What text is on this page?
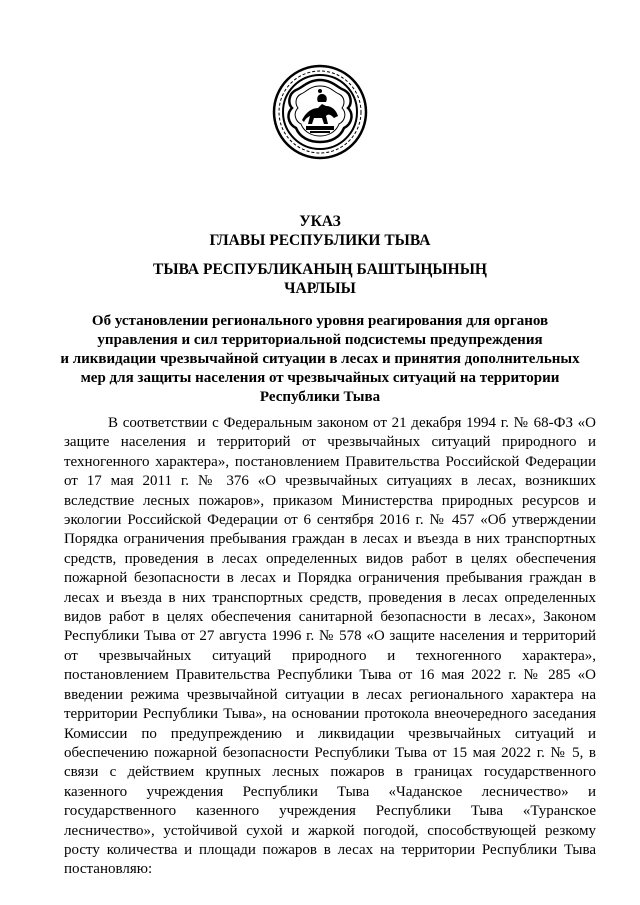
УКАЗ
ГЛАВЫ РЕСПУБЛИКИ ТЫВА
ТЫВА РЕСПУБЛИКАНЫҢ БАШТЫҢЫНЫҢ
ЧАРЛЫЫ
Об установлении регионального уровня реагирования для органов
управления и сил территориальной подсистемы предупреждения
и ликвидации чрезвычайной ситуации в лесах и принятия дополнительных
мер для защиты населения от чрезвычайных ситуаций на территории
Республики Тыва

В соответствии с Федеральным законом от 21 декабря 1994 г. № 68-ФЗ «О защите населения и территорий от чрезвычайных ситуаций природного и техногенного характера», постановлением Правительства Российской Федерации от 17 мая 2011 г. № 376 «О чрезвычайных ситуациях в лесах, возникших вследствие лесных пожаров», приказом Министерства природных ресурсов и экологии Российской Федерации от 6 сентября 2016 г. № 457 «Об утверждении Порядка ограничения пребывания граждан в лесах и въезда в них транспортных средств, проведения в лесах определенных видов работ в целях обеспечения пожарной безопасности в лесах и Порядка ограничения пребывания граждан в лесах и въезда в них транспортных средств, проведения в лесах определенных видов работ в целях обеспечения санитарной безопасности в лесах», Законом Республики Тыва от 27 августа 1996 г. № 578 «О защите населения и территорий от чрезвычайных ситуаций природного и техногенного характера», постановлением Правительства Республики Тыва от 16 мая 2022 г. № 285 «О введении режима чрезвычайной ситуации в лесах регионального характера на территории Республики Тыва», на основании протокола внеочередного заседания Комиссии по предупреждению и ликвидации чрезвычайных ситуаций и обеспечению пожарной безопасности Республики Тыва от 15 мая 2022 г. № 5, в связи с действием крупных лесных пожаров в границах государственного казенного учреждения Республики Тыва «Чаданское лесничество» и государственного казенного учреждения Республики Тыва «Туранское лесничество», устойчивой сухой и жаркой погодой, способствующей резкому росту количества и площади пожаров в лесах на территории Республики Тыва постановляю:
